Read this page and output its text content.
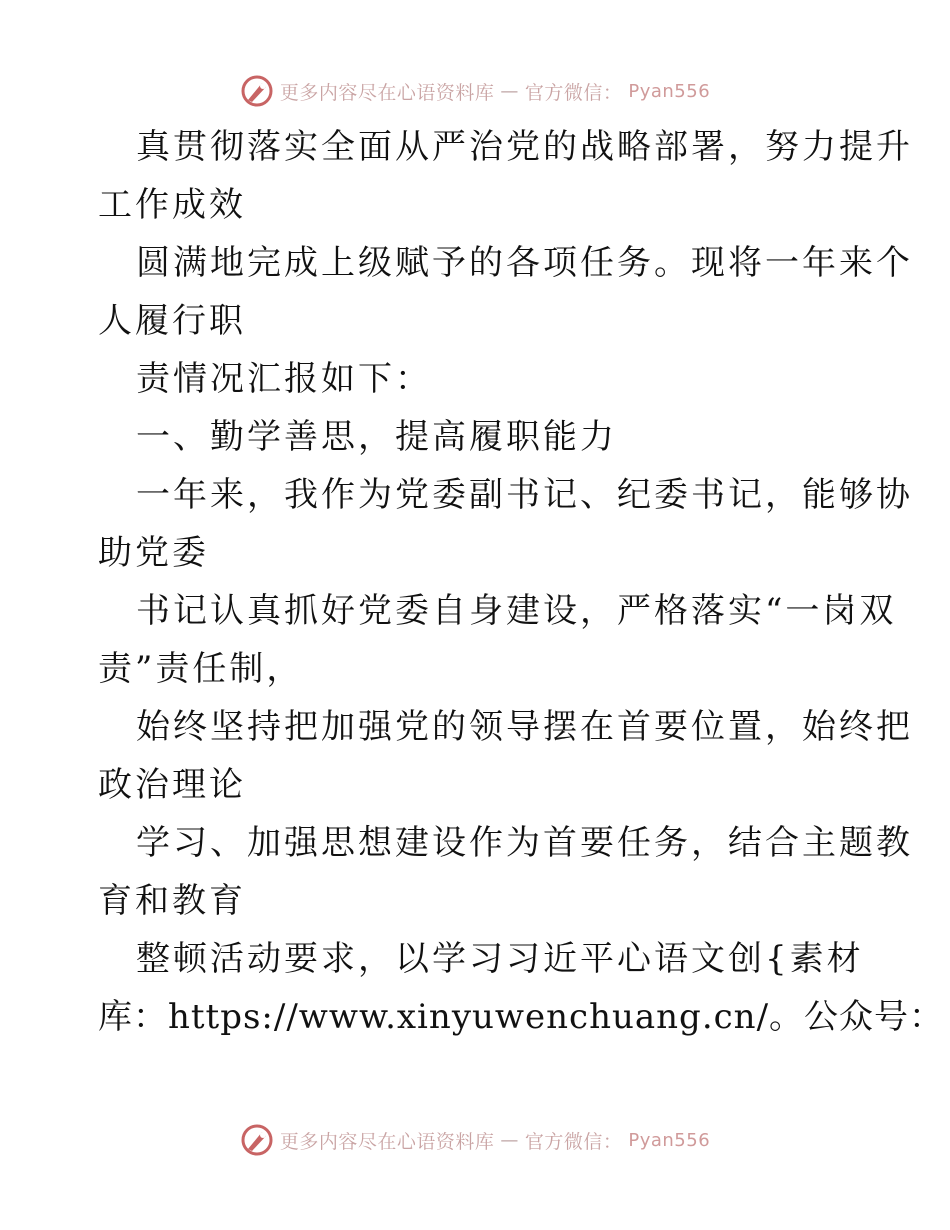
更多内容尽在心语资料库 — 官方微信： Pyan556
真贯彻落实全面从严治党的战略部署，努力提升
工作成效
圆满地完成上级赋予的各项任务。现将一年来个
人履行职
责情况汇报如下：
一、勤学善思，提高履职能力
一年来，我作为党委副书记、纪委书记，能够协
助党委
书记认真抓好党委自身建设，严格落实“一岗双
责”责任制，
始终坚持把加强党的领导摆在首要位置，始终把
政治理论
学习、加强思想建设作为首要任务，结合主题教
育和教育
整顿活动要求，以学习习近平心语文创{素材
库：https://www.xinyuwenchuang.cn/。公众号：
更多内容尽在心语资料库 — 官方微信： Pyan556
